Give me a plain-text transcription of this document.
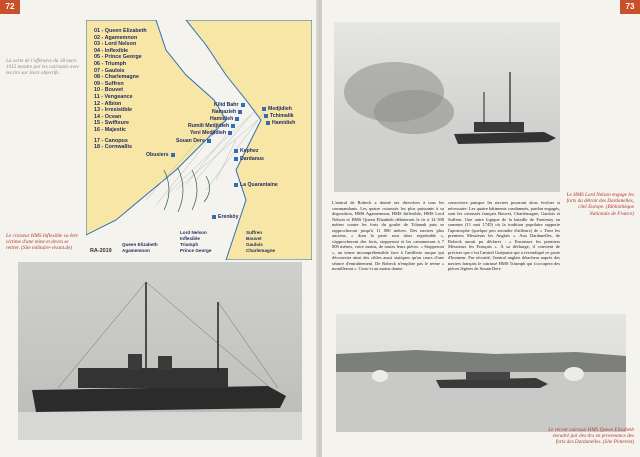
72
La carte de l'offensive du 18 mars 1915 montre par les cuirassés avec les tirs sur leurs objectifs.
01 - Queen Elizabeth
02 - Agamemnon
03 - Lord Nelson
04 - Inflexible
05 - Prince George
06 - Triumph
07 - Gaulois
08 - Charlemagne
09 - Suffren
10 - Bouvet
11 - Vengeance
12 - Albion
13 - Irresistible
14 - Ocean
15 - Swiftsure
16 - Majestic
17 - Canopus
18 - Cornwallis
Kilid Bahr
Namazieh
Hamidieh
Rumili Medjidieh
Yeni Medjidieh
Medjidieh
Tchimalik
Hamidieh
Souan Dere
Obusiers
Kephez
Dardanus
La Quarantaine
Erenköy
RA-2019
Queen Elizabeth
Agamemnon
Lord Nelson
Inflexible
Triumph
Prince George
Suffren
Bouvet
Gaulois
Charlemagne
Le croiseur HMS Inflexible va être victime d'une mine et devra se retirer. (Site militaire-vivant.de)
73
Le HMS Lord Nelson engage les forts du détroit des Dardanelles, côté Europe. (Bibliothèque Nationale de France)
L'amiral de Robeck a donné ses directives à tous les commandants. Les quatre cuirassés les plus puissants à sa disposition, HMS Agamemnon, HMS Inflexible, HMS Lord Nelson et HMS Queen Elizabeth débuteront le tir à 14 500 mètres contre les forts du goulet de Tchanak puis se rapprocheront jusqu'à 11 000 mètres. Des navires plus anciens, « dont la perte sera alors regrettable », s'approcheront des forts, stopperont et les canonneront à 7 000 mètres, voire moins, de toutes leurs pièces. « Stopperont », un terme incompréhensible face à l'artillerie turque qui découvrira ainsi des cibles aussi statiques qu'au cours d'une séance d'entraînement. De Robeck n'emploie pas le terme « mouilleront ». Ceux-ci au moins donne
conscience puisque les navires pourront alors évoluer si nécessaire. Les quatre bâtiments condamnés, pardon engagés, sont les cuirassés français Bouvet, Charlemagne, Gaulois et Suffren. Une autre logique de la bataille de Fontenoy en sommes (11 mai 1745) où la tradition populaire rapporte l'apostrophe (quelque peu arrondie d'ailleurs) de « Tirez les premiers Messieurs les Anglais ». Aux Dardanelles, de Robeck aurait pu déclarer : « Encaissez les premiers Messieurs les Français ». À sa décharge, il convient de préciser que c'est l'amiral Guépratte qui a revendiqué ce poste d'honneur. Par sécurité, l'amiral anglais détachera auprès des navires français le cuirassé HMS Triumph qui s'occupera des pièces légères de Souan Dere
Le récent cuirassé HMS Queen Elizabeth encadré par des tirs en provenance des forts des Dardanelles. (Site Pinterest)
